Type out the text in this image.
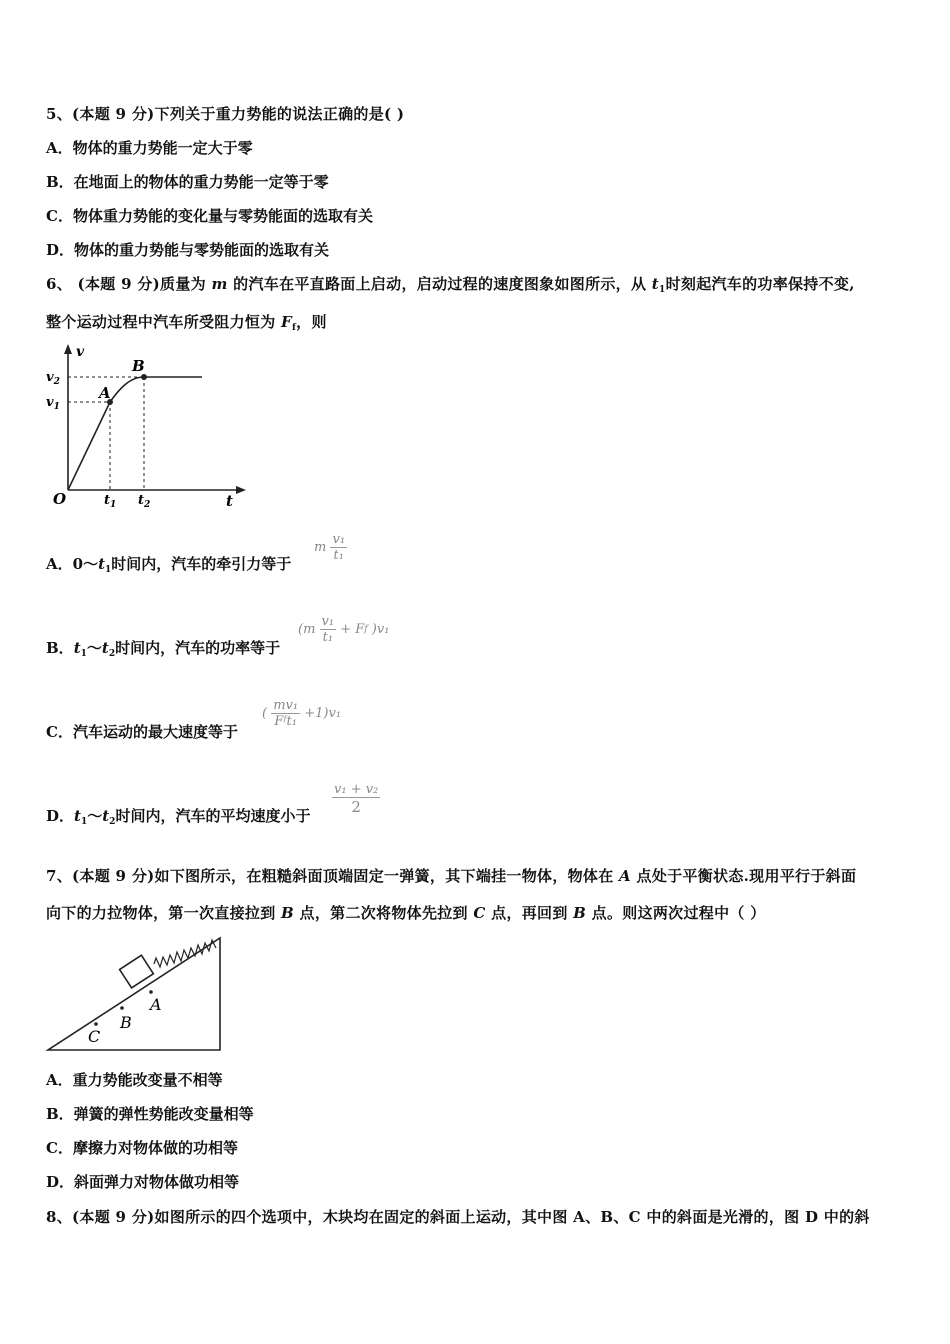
5、(本题 9 分)下列关于重力势能的说法正确的是( )
A．物体的重力势能一定大于零
B．在地面上的物体的重力势能一定等于零
C．物体重力势能的变化量与零势能面的选取有关
D．物体的重力势能与零势能面的选取有关
6、 (本题 9 分)质量为 m 的汽车在平直路面上启动，启动过程的速度图象如图所示，从 $t_1$时刻起汽车的功率保持不变,
整个运动过程中汽车所受阻力恒为 $F_f$，则
v
t
O
$v_2$
$v_1$
A
B
$t_1$ $t_2$
A．$0\sim t_1$时间内，汽车的牵引力等于
m $\frac{\text{v₁}}{\text{t₁}}$
B．$t_1\sim t_2$时间内，汽车的功率等于
($m \frac{\text{v₁}}{\text{t₁}} + Ff$ )v₁
C．汽车运动的最大速度等于
( $\frac{\text{mv₁}}{\text{Fᶠt₁}} +1)v_1$
D．$t_1\sim t_2$时间内，汽车的平均速度小于 $\frac{\text{v₁ + v₂}}{2}$
7、(本题 9 分)如下图所示，在粗糙斜面顶端固定一弹簧，其下端挂一物体，物体在 A 点处于平衡状态.现用平行于斜面
向下的力拉物体，第一次直接拉到 B 点，第二次将物体先拉到 C 点，再回到 B 点。则这两次过程中（ ）
A
B
C
A．重力势能改变量不相等
B．弹簧的弹性势能改变量相等
C．摩擦力对物体做的功相等
D．斜面弹力对物体做功相等
8、(本题 9 分)如图所示的四个选项中，木块均在固定的斜面上运动，其中图 A、B、C 中的斜面是光滑的，图 D 中的斜
